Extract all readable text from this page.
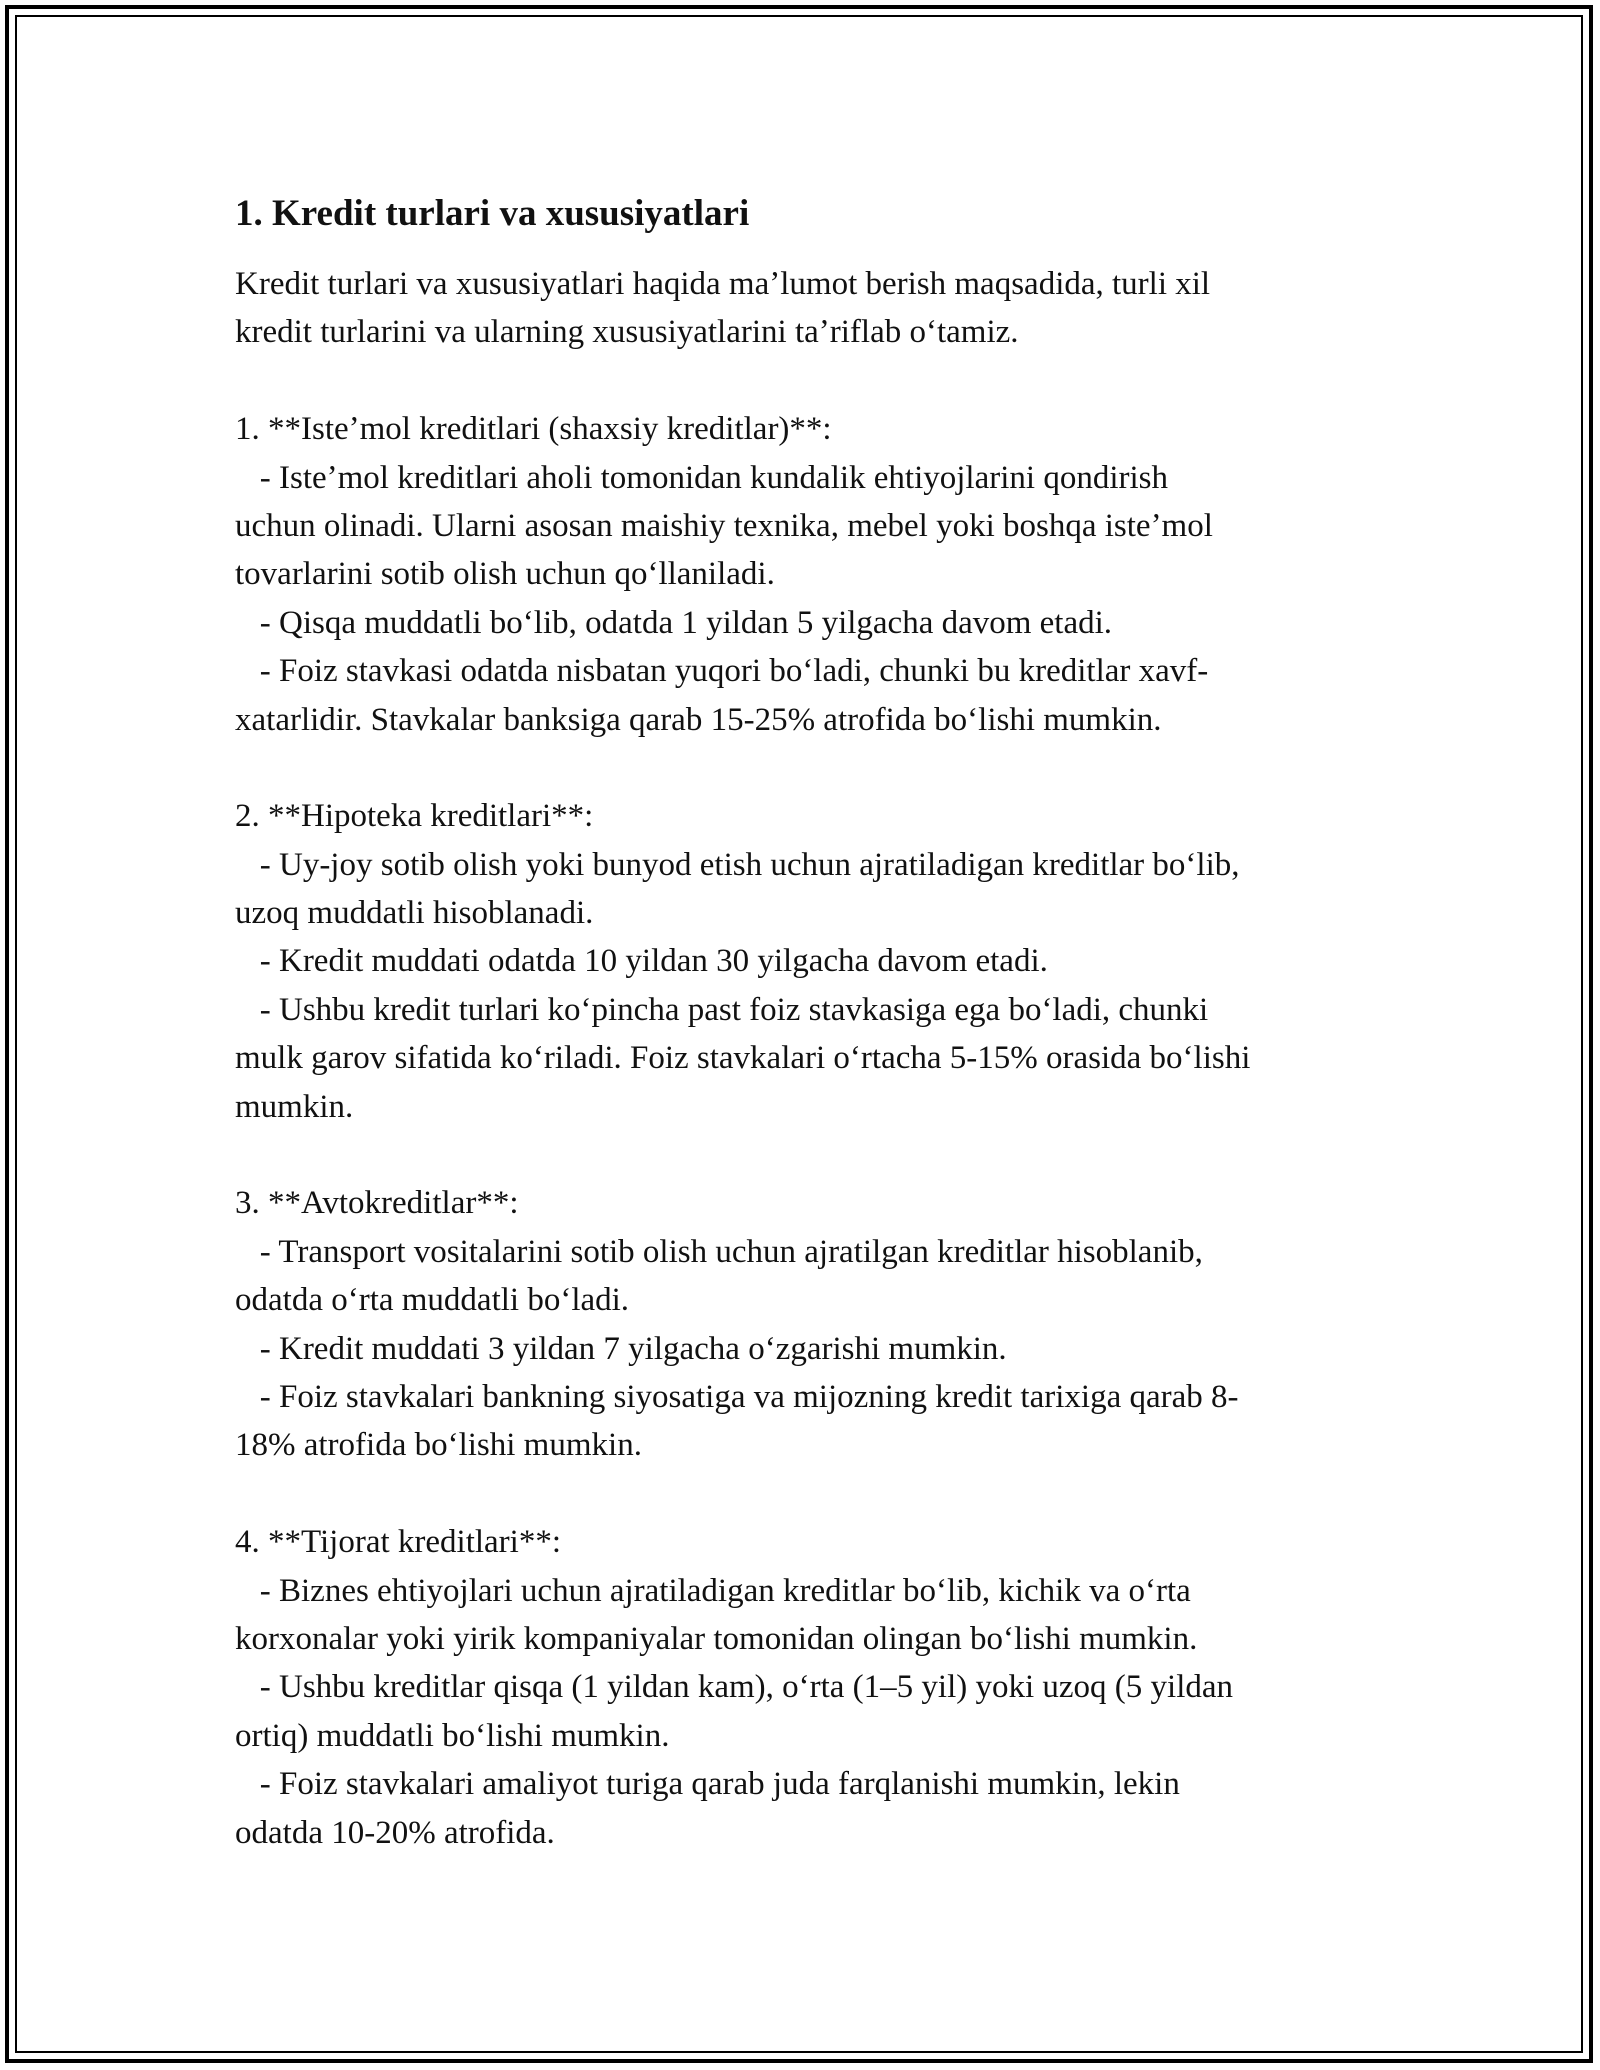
1. Kredit turlari va xususiyatlari
Kredit turlari va xususiyatlari haqida maʼlumot berish maqsadida, turli xil
kredit turlarini va ularning xususiyatlarini taʼriflab oʻtamiz.
1. **Isteʼmol kreditlari (shaxsiy kreditlar)**:
- Isteʼmol kreditlari aholi tomonidan kundalik ehtiyojlarini qondirish
uchun olinadi. Ularni asosan maishiy texnika, mebel yoki boshqa isteʼmol
tovarlarini sotib olish uchun qoʻllaniladi.
- Qisqa muddatli boʻlib, odatda 1 yildan 5 yilgacha davom etadi.
- Foiz stavkasi odatda nisbatan yuqori boʻladi, chunki bu kreditlar xavf-
xatarlidir. Stavkalar banksiga qarab 15-25% atrofida boʻlishi mumkin.
2. **Hipoteka kreditlari**:
- Uy-joy sotib olish yoki bunyod etish uchun ajratiladigan kreditlar boʻlib,
uzoq muddatli hisoblanadi.
- Kredit muddati odatda 10 yildan 30 yilgacha davom etadi.
- Ushbu kredit turlari koʻpincha past foiz stavkasiga ega boʻladi, chunki
mulk garov sifatida koʻriladi. Foiz stavkalari oʻrtacha 5-15% orasida boʻlishi
mumkin.
3. **Avtokreditlar**:
- Transport vositalarini sotib olish uchun ajratilgan kreditlar hisoblanib,
odatda oʻrta muddatli boʻladi.
- Kredit muddati 3 yildan 7 yilgacha oʻzgarishi mumkin.
- Foiz stavkalari bankning siyosatiga va mijozning kredit tarixiga qarab 8-
18% atrofida boʻlishi mumkin.
4. **Tijorat kreditlari**:
- Biznes ehtiyojlari uchun ajratiladigan kreditlar boʻlib, kichik va oʻrta
korxonalar yoki yirik kompaniyalar tomonidan olingan boʻlishi mumkin.
- Ushbu kreditlar qisqa (1 yildan kam), oʻrta (1–5 yil) yoki uzoq (5 yildan
ortiq) muddatli boʻlishi mumkin.
- Foiz stavkalari amaliyot turiga qarab juda farqlanishi mumkin, lekin
odatda 10-20% atrofida.
